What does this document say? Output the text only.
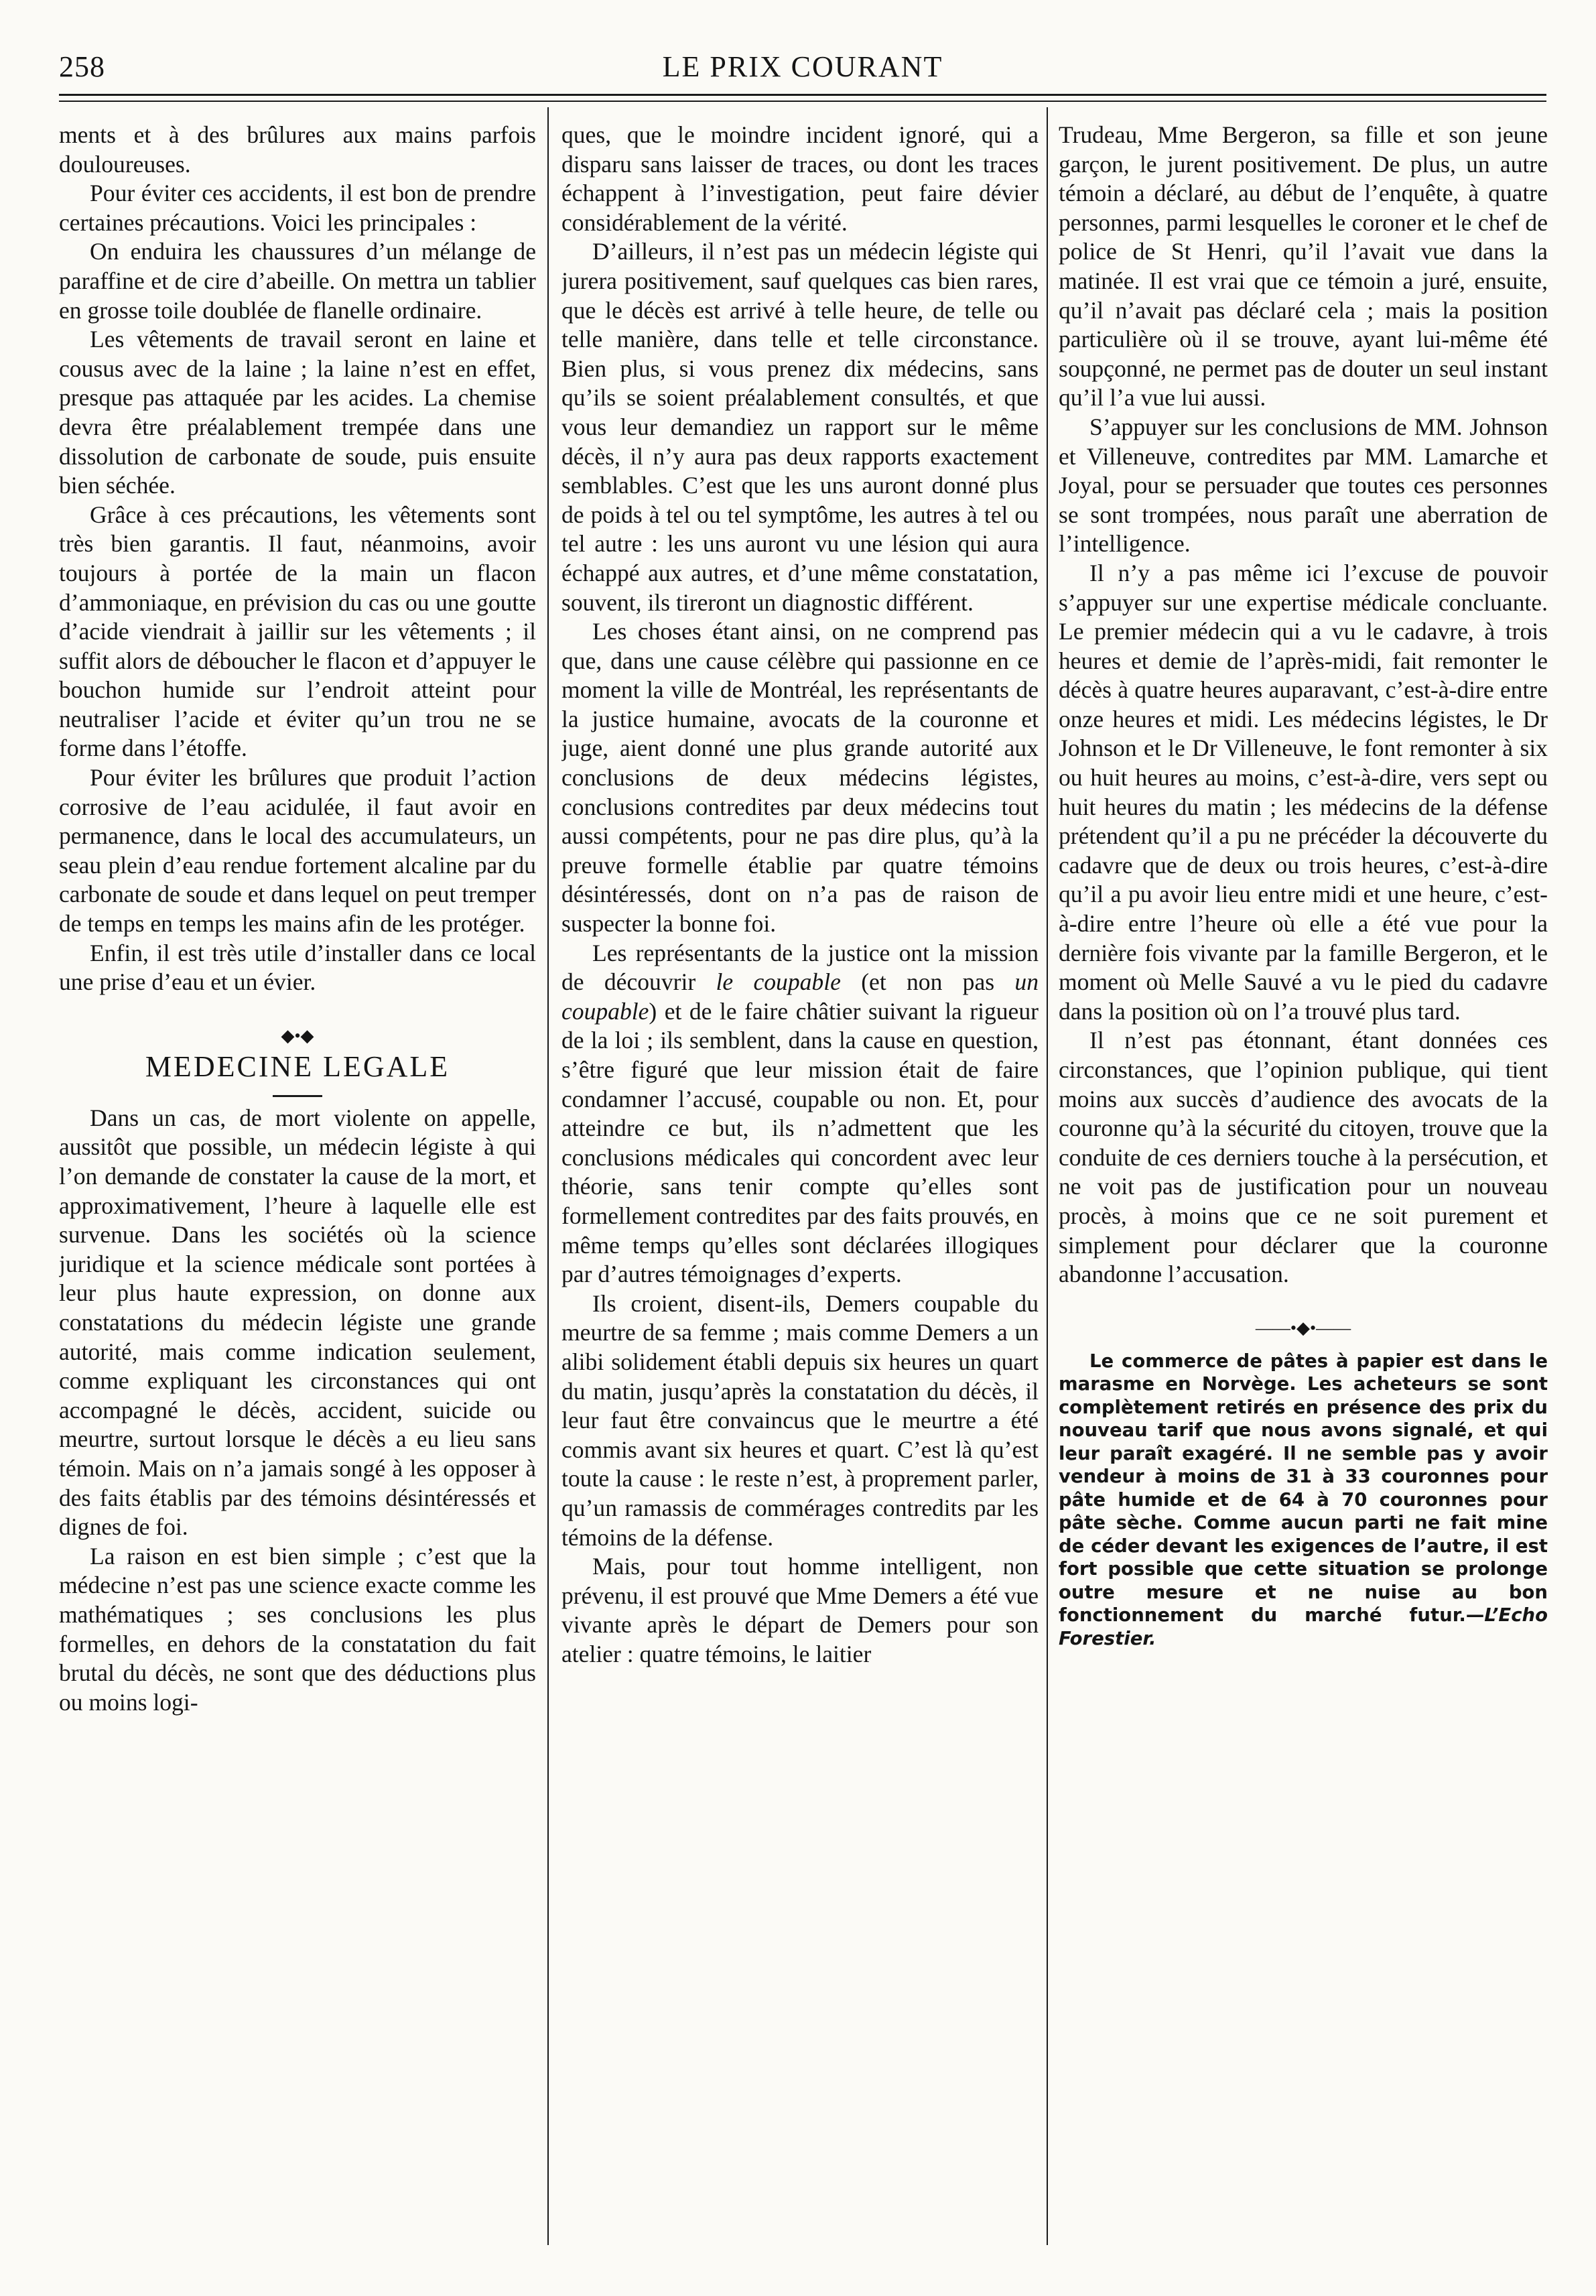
258	LE PRIX COURANT

ments et à des brûlures aux mains parfois douloureuses.

Pour éviter ces accidents, il est bon de prendre certaines précautions. Voici les principales :

On enduira les chaussures d’un mélange de paraffine et de cire d’abeille. On mettra un tablier en grosse toile doublée de flanelle ordinaire.

Les vêtements de travail seront en laine et cousus avec de la laine ; la laine n’est en effet, presque pas attaquée par les acides. La chemise devra être préalablement trempée dans une dissolution de carbonate de soude, puis ensuite bien séchée.

Grâce à ces précautions, les vêtements sont très bien garantis. Il faut, néanmoins, avoir toujours à portée de la main un flacon d’ammoniaque, en prévision du cas ou une goutte d’acide viendrait à jaillir sur les vêtements ; il suffit alors de déboucher le flacon et d’appuyer le bouchon humide sur l’endroit atteint pour neutraliser l’acide et éviter qu’un trou ne se forme dans l’étoffe.

Pour éviter les brûlures que produit l’action corrosive de l’eau acidulée, il faut avoir en permanence, dans le local des accumulateurs, un seau plein d’eau rendue fortement alcaline par du carbonate de soude et dans lequel on peut tremper de temps en temps les mains afin de les protéger.

Enfin, il est très utile d’installer dans ce local une prise d’eau et un évier.

◆•◆
MEDECINE LEGALE

Dans un cas, de mort violente on appelle, aussitôt que possible, un médecin légiste à qui l’on demande de constater la cause de la mort, et approximativement, l’heure à laquelle elle est survenue. Dans les sociétés où la science juridique et la science médicale sont portées à leur plus haute expression, on donne aux constatations du médecin légiste une grande autorité, mais comme indication seulement, comme expliquant les circonstances qui ont accompagné le décès, accident, suicide ou meurtre, surtout lorsque le décès a eu lieu sans témoin. Mais on n’a jamais songé à les opposer à des faits établis par des témoins désintéressés et dignes de foi.

La raison en est bien simple ; c’est que la médecine n’est pas une science exacte comme les mathématiques ; ses conclusions les plus formelles, en dehors de la constatation du fait brutal du décès, ne sont que des déductions plus ou moins logi-

ques, que le moindre incident ignoré, qui a disparu sans laisser de traces, ou dont les traces échappent à l’investigation, peut faire dévier considérablement de la vérité.

D’ailleurs, il n’est pas un médecin légiste qui jurera positivement, sauf quelques cas bien rares, que le décès est arrivé à telle heure, de telle ou telle manière, dans telle et telle circonstance. Bien plus, si vous prenez dix médecins, sans qu’ils se soient préalablement consultés, et que vous leur demandiez un rapport sur le même décès, il n’y aura pas deux rapports exactement semblables. C’est que les uns auront donné plus de poids à tel ou tel symptôme, les autres à tel ou tel autre : les uns auront vu une lésion qui aura échappé aux autres, et d’une même constatation, souvent, ils tireront un diagnostic différent.

Les choses étant ainsi, on ne comprend pas que, dans une cause célèbre qui passionne en ce moment la ville de Montréal, les représentants de la justice humaine, avocats de la couronne et juge, aient donné une plus grande autorité aux conclusions de deux médecins légistes, conclusions contredites par deux médecins tout aussi compétents, pour ne pas dire plus, qu’à la preuve formelle établie par quatre témoins désintéressés, dont on n’a pas de raison de suspecter la bonne foi.

Les représentants de la justice ont la mission de découvrir le coupable (et non pas un coupable) et de le faire châtier suivant la rigueur de la loi ; ils semblent, dans la cause en question, s’être figuré que leur mission était de faire condamner l’accusé, coupable ou non. Et, pour atteindre ce but, ils n’admettent que les conclusions médicales qui concordent avec leur théorie, sans tenir compte qu’elles sont formellement contredites par des faits prouvés, en même temps qu’elles sont déclarées illogiques par d’autres témoignages d’experts.

Ils croient, disent-ils, Demers coupable du meurtre de sa femme ; mais comme Demers a un alibi solidement établi depuis six heures un quart du matin, jusqu’après la constatation du décès, il leur faut être convaincus que le meurtre a été commis avant six heures et quart. C’est là qu’est toute la cause : le reste n’est, à proprement parler, qu’un ramassis de commérages contredits par les témoins de la défense.

Mais, pour tout homme intelligent, non prévenu, il est prouvé que Mme Demers a été vue vivante après le départ de Demers pour son atelier : quatre témoins, le laitier

Trudeau, Mme Bergeron, sa fille et son jeune garçon, le jurent positivement. De plus, un autre témoin a déclaré, au début de l’enquête, à quatre personnes, parmi lesquelles le coroner et le chef de police de St Henri, qu’il l’avait vue dans la matinée. Il est vrai que ce témoin a juré, ensuite, qu’il n’avait pas déclaré cela ; mais la position particulière où il se trouve, ayant lui-même été soupçonné, ne permet pas de douter un seul instant qu’il l’a vue lui aussi.

S’appuyer sur les conclusions de MM. Johnson et Villeneuve, contredites par MM. Lamarche et Joyal, pour se persuader que toutes ces personnes se sont trompées, nous paraît une aberration de l’intelligence.

Il n’y a pas même ici l’excuse de pouvoir s’appuyer sur une expertise médicale concluante. Le premier médecin qui a vu le cadavre, à trois heures et demie de l’après-midi, fait remonter le décès à quatre heures auparavant, c’est-à-dire entre onze heures et midi. Les médecins légistes, le Dr Johnson et le Dr Villeneuve, le font remonter à six ou huit heures au moins, c’est-à-dire, vers sept ou huit heures du matin ; les médecins de la défense prétendent qu’il a pu ne précéder la découverte du cadavre que de deux ou trois heures, c’est-à-dire qu’il a pu avoir lieu entre midi et une heure, c’est-à-dire entre l’heure où elle a été vue pour la dernière fois vivante par la famille Bergeron, et le moment où Melle Sauvé a vu le pied du cadavre dans la position où on l’a trouvé plus tard.

Il n’est pas étonnant, étant données ces circonstances, que l’opinion publique, qui tient moins aux succès d’audience des avocats de la couronne qu’à la sécurité du citoyen, trouve que la conduite de ces derniers touche à la persécution, et ne voit pas de justification pour un nouveau procès, à moins que ce ne soit purement et simplement pour déclarer que la couronne abandonne l’accusation.

——•◆•——

Le commerce de pâtes à papier est dans le marasme en Norvège. Les acheteurs se sont complètement retirés en présence des prix du nouveau tarif que nous avons signalé, et qui leur paraît exagéré. Il ne semble pas y avoir vendeur à moins de 31 à 33 couronnes pour pâte humide et de 64 à 70 couronnes pour pâte sèche. Comme aucun parti ne fait mine de céder devant les exigences de l’autre, il est fort possible que cette situation se prolonge outre mesure et ne nuise au bon fonctionnement du marché futur.—L’Echo Forestier.
